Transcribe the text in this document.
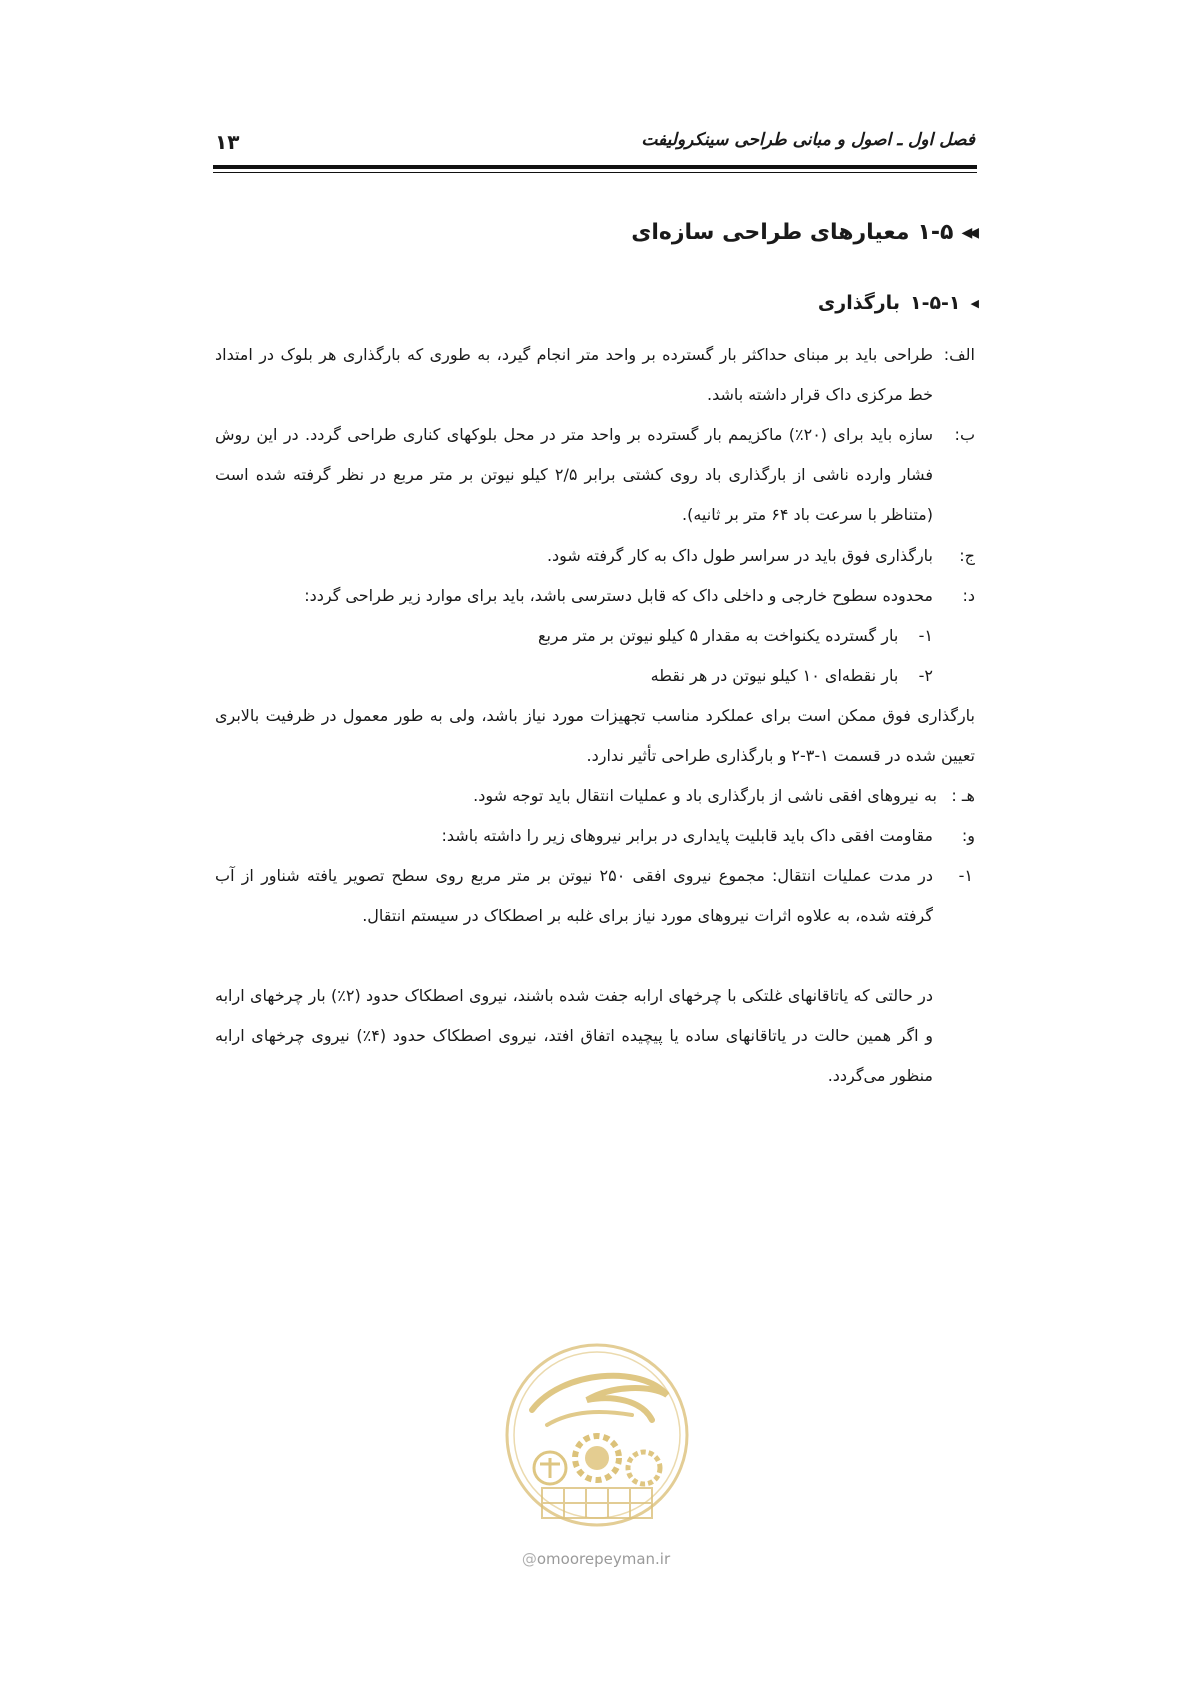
فصل اول ـ اصول و مبانی طراحی سینکرولیفت
۱۳
◀◀
۱-۵
معیارهای طراحی سازه‌ای
◀
۱-۵-۱
بارگذاری
الف:
طراحی باید بر مبنای حداکثر بار گسترده بر واحد متر انجام گیرد، به طوری که بارگذاری هر بلوک در امتداد خط مرکزی داک قرار داشته باشد.
ب:
سازه باید برای (۲۰٪) ماکزیمم بار گسترده بر واحد متر در محل بلوکهای کناری طراحی گردد. در این روش فشار وارده ناشی از بارگذاری باد روی کشتی برابر ۲/۵ کیلو نیوتن بر متر مربع در نظر گرفته شده است (متناظر با سرعت باد ۶۴ متر بر ثانیه).
ج:
بارگذاری فوق باید در سراسر طول داک به کار گرفته شود.
د:
محدوده سطوح خارجی و داخلی داک که قابل دسترسی باشد، باید برای موارد زیر طراحی گردد:
۱-    بار گسترده یکنواخت به مقدار ۵ کیلو نیوتن بر متر مربع
۲-    بار نقطه‌ای ۱۰ کیلو نیوتن در هر نقطه
بارگذاری فوق ممکن است برای عملکرد مناسب تجهیزات مورد نیاز باشد، ولی به طور معمول در ظرفیت بالابری تعیین شده در قسمت ۱-۳-۲ و بارگذاری طراحی تأثیر ندارد.
هـ :
به نیروهای افقی ناشی از بارگذاری باد و عملیات انتقال باید توجه شود.
و:
مقاومت افقی داک باید قابلیت پایداری در برابر نیروهای زیر را داشته باشد:
۱-
در مدت عملیات انتقال: مجموع نیروی افقی ۲۵۰ نیوتن بر متر مربع روی سطح تصویر یافته شناور از آب گرفته شده، به علاوه اثرات نیروهای مورد نیاز برای غلبه بر اصطکاک در سیستم انتقال.
در حالتی که یاتاقانهای غلتکی با چرخهای ارابه جفت شده باشند، نیروی اصطکاک حدود (۲٪) بار چرخهای ارابه و اگر همین حالت در یاتاقانهای ساده یا پیچیده اتفاق افتد، نیروی اصطکاک حدود (۴٪) نیروی چرخهای ارابه منظور می‌گردد.
@omoorepeyman.ir
